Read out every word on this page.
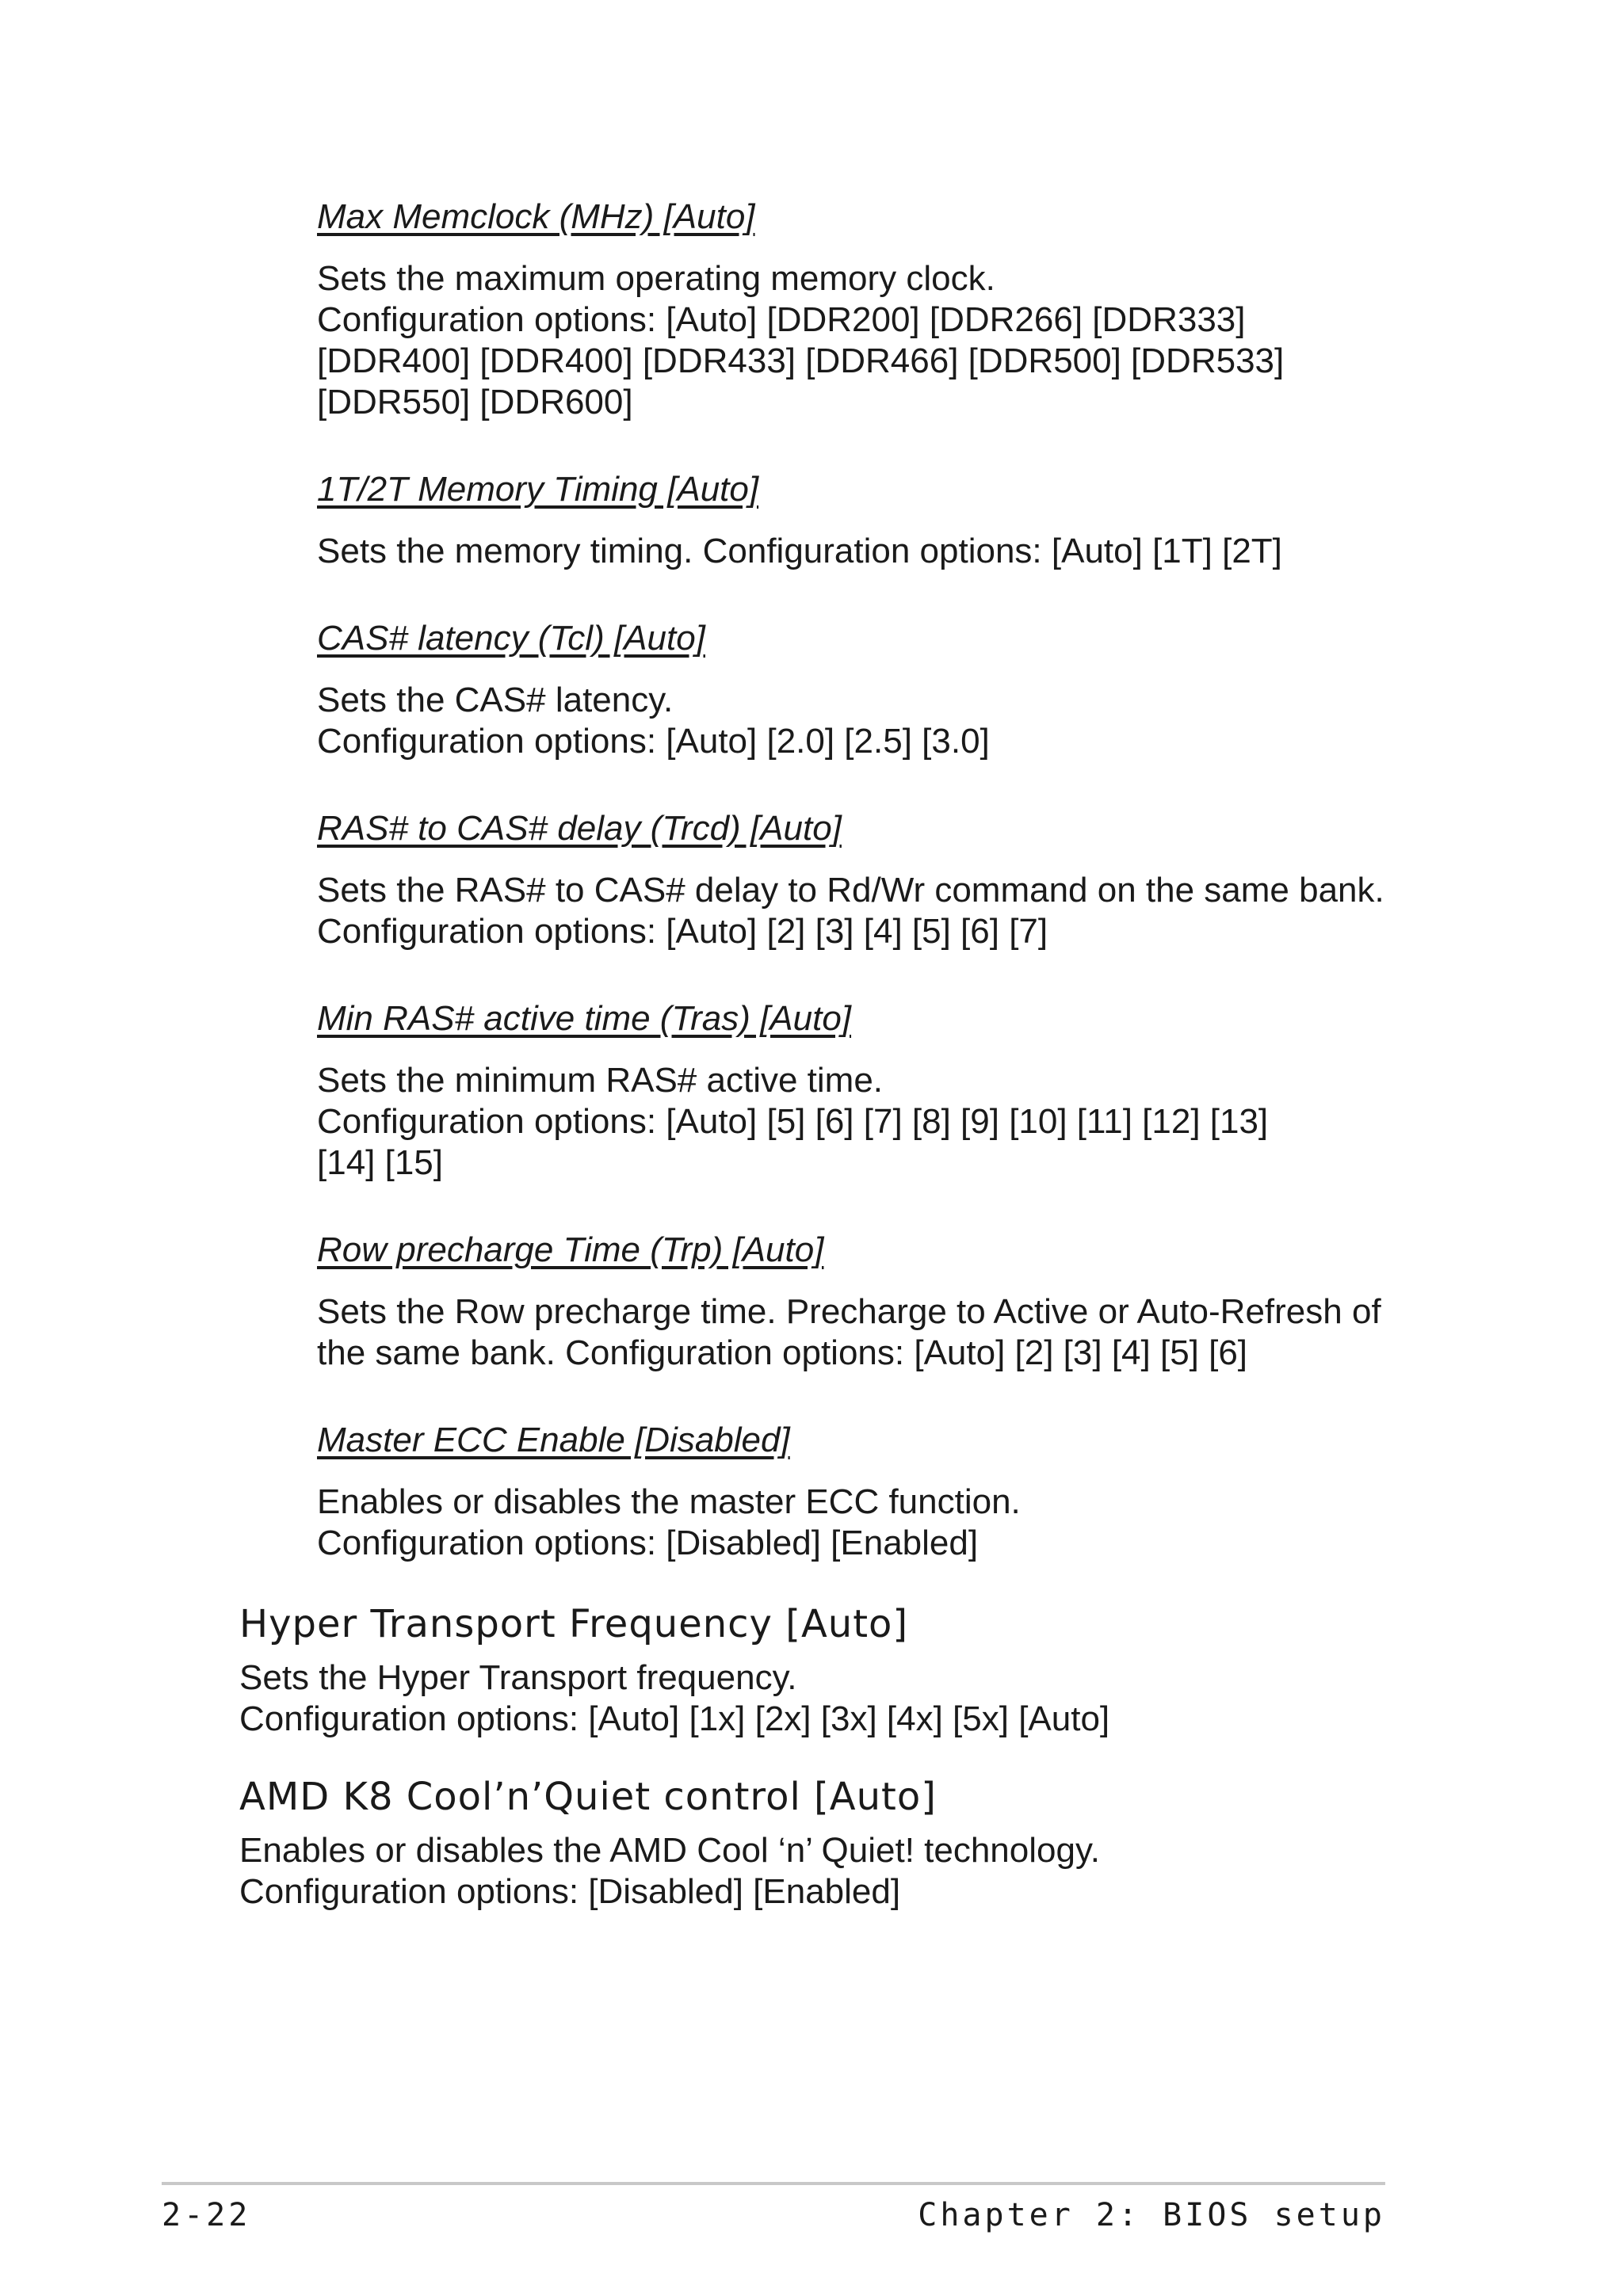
Max Memclock (MHz) [Auto]

Sets the maximum operating memory clock.

Configuration options: [Auto] [DDR200] [DDR266] [DDR333]

[DDR400] [DDR400] [DDR433] [DDR466] [DDR500] [DDR533]

[DDR550] [DDR600]

1T/2T Memory Timing [Auto]

Sets the memory timing. Configuration options: [Auto] [1T] [2T]

CAS# latency (Tcl) [Auto]

Sets the CAS# latency.

Configuration options: [Auto] [2.0] [2.5] [3.0]

RAS# to CAS# delay (Trcd) [Auto]

Sets the RAS# to CAS# delay to Rd/Wr command on the same bank.

Configuration options: [Auto] [2] [3] [4] [5] [6] [7]

Min RAS# active time (Tras) [Auto]

Sets the minimum RAS# active time.

Configuration options: [Auto] [5] [6] [7] [8] [9] [10] [11] [12] [13]

[14] [15]

Row precharge Time (Trp) [Auto]

Sets the Row precharge time. Precharge to Active or Auto-Refresh of

the same bank. Configuration options: [Auto] [2] [3] [4] [5] [6]

Master ECC Enable [Disabled]

Enables or disables the master ECC function.

Configuration options: [Disabled] [Enabled]

Hyper Transport Frequency [Auto]

Sets the Hyper Transport frequency.

Configuration options: [Auto] [1x] [2x] [3x] [4x] [5x] [Auto]

AMD K8 Cool’n’Quiet control [Auto]

Enables or disables the AMD Cool ‘n’ Quiet! technology.

Configuration options: [Disabled] [Enabled]

2-22	Chapter 2: BIOS setup
